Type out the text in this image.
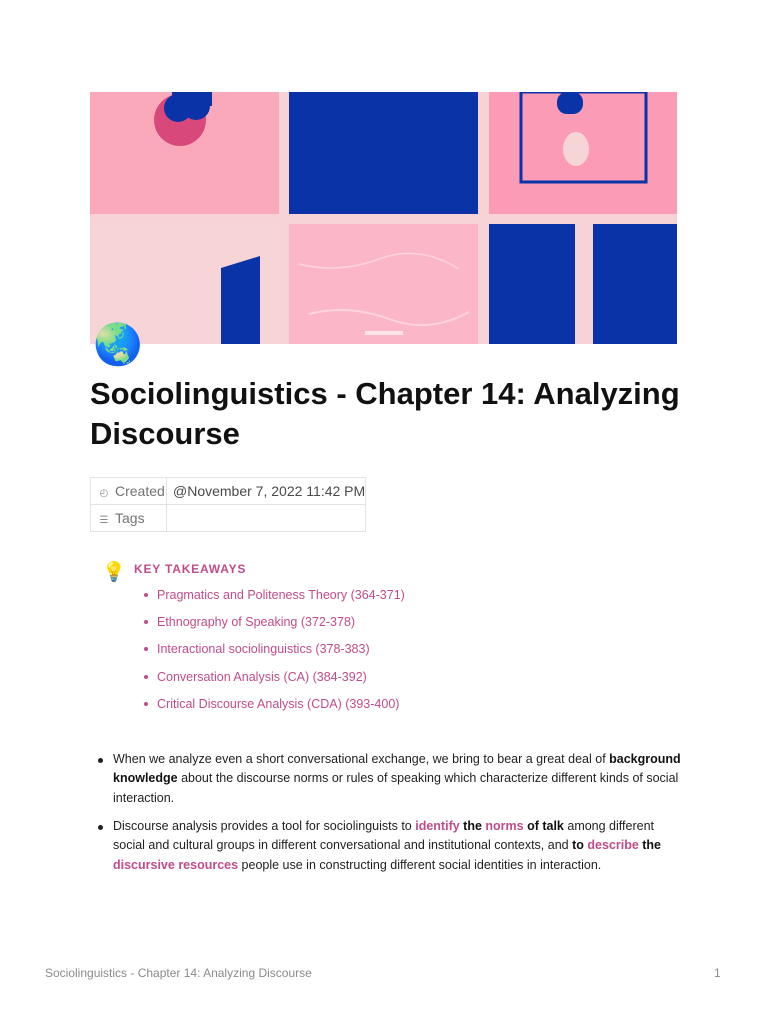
🌏
Sociolinguistics - Chapter 14: Analyzing Discourse
◴ Created	@November 7, 2022 11:42 PM
☰ Tags	
💡 KEY TAKEAWAYS
Pragmatics and Politeness Theory (364-371)
Ethnography of Speaking (372-378)
Interactional sociolinguistics (378-383)
Conversation Analysis (CA) (384-392)
Critical Discourse Analysis (CDA) (393-400)
When we analyze even a short conversational exchange, we bring to bear a great deal of background knowledge about the discourse norms or rules of speaking which characterize different kinds of social interaction.
Discourse analysis provides a tool for sociolinguists to identify the norms of talk among different social and cultural groups in different conversational and institutional contexts, and to describe the discursive resources people use in constructing different social identities in interaction.
Sociolinguistics - Chapter 14: Analyzing Discourse	1
